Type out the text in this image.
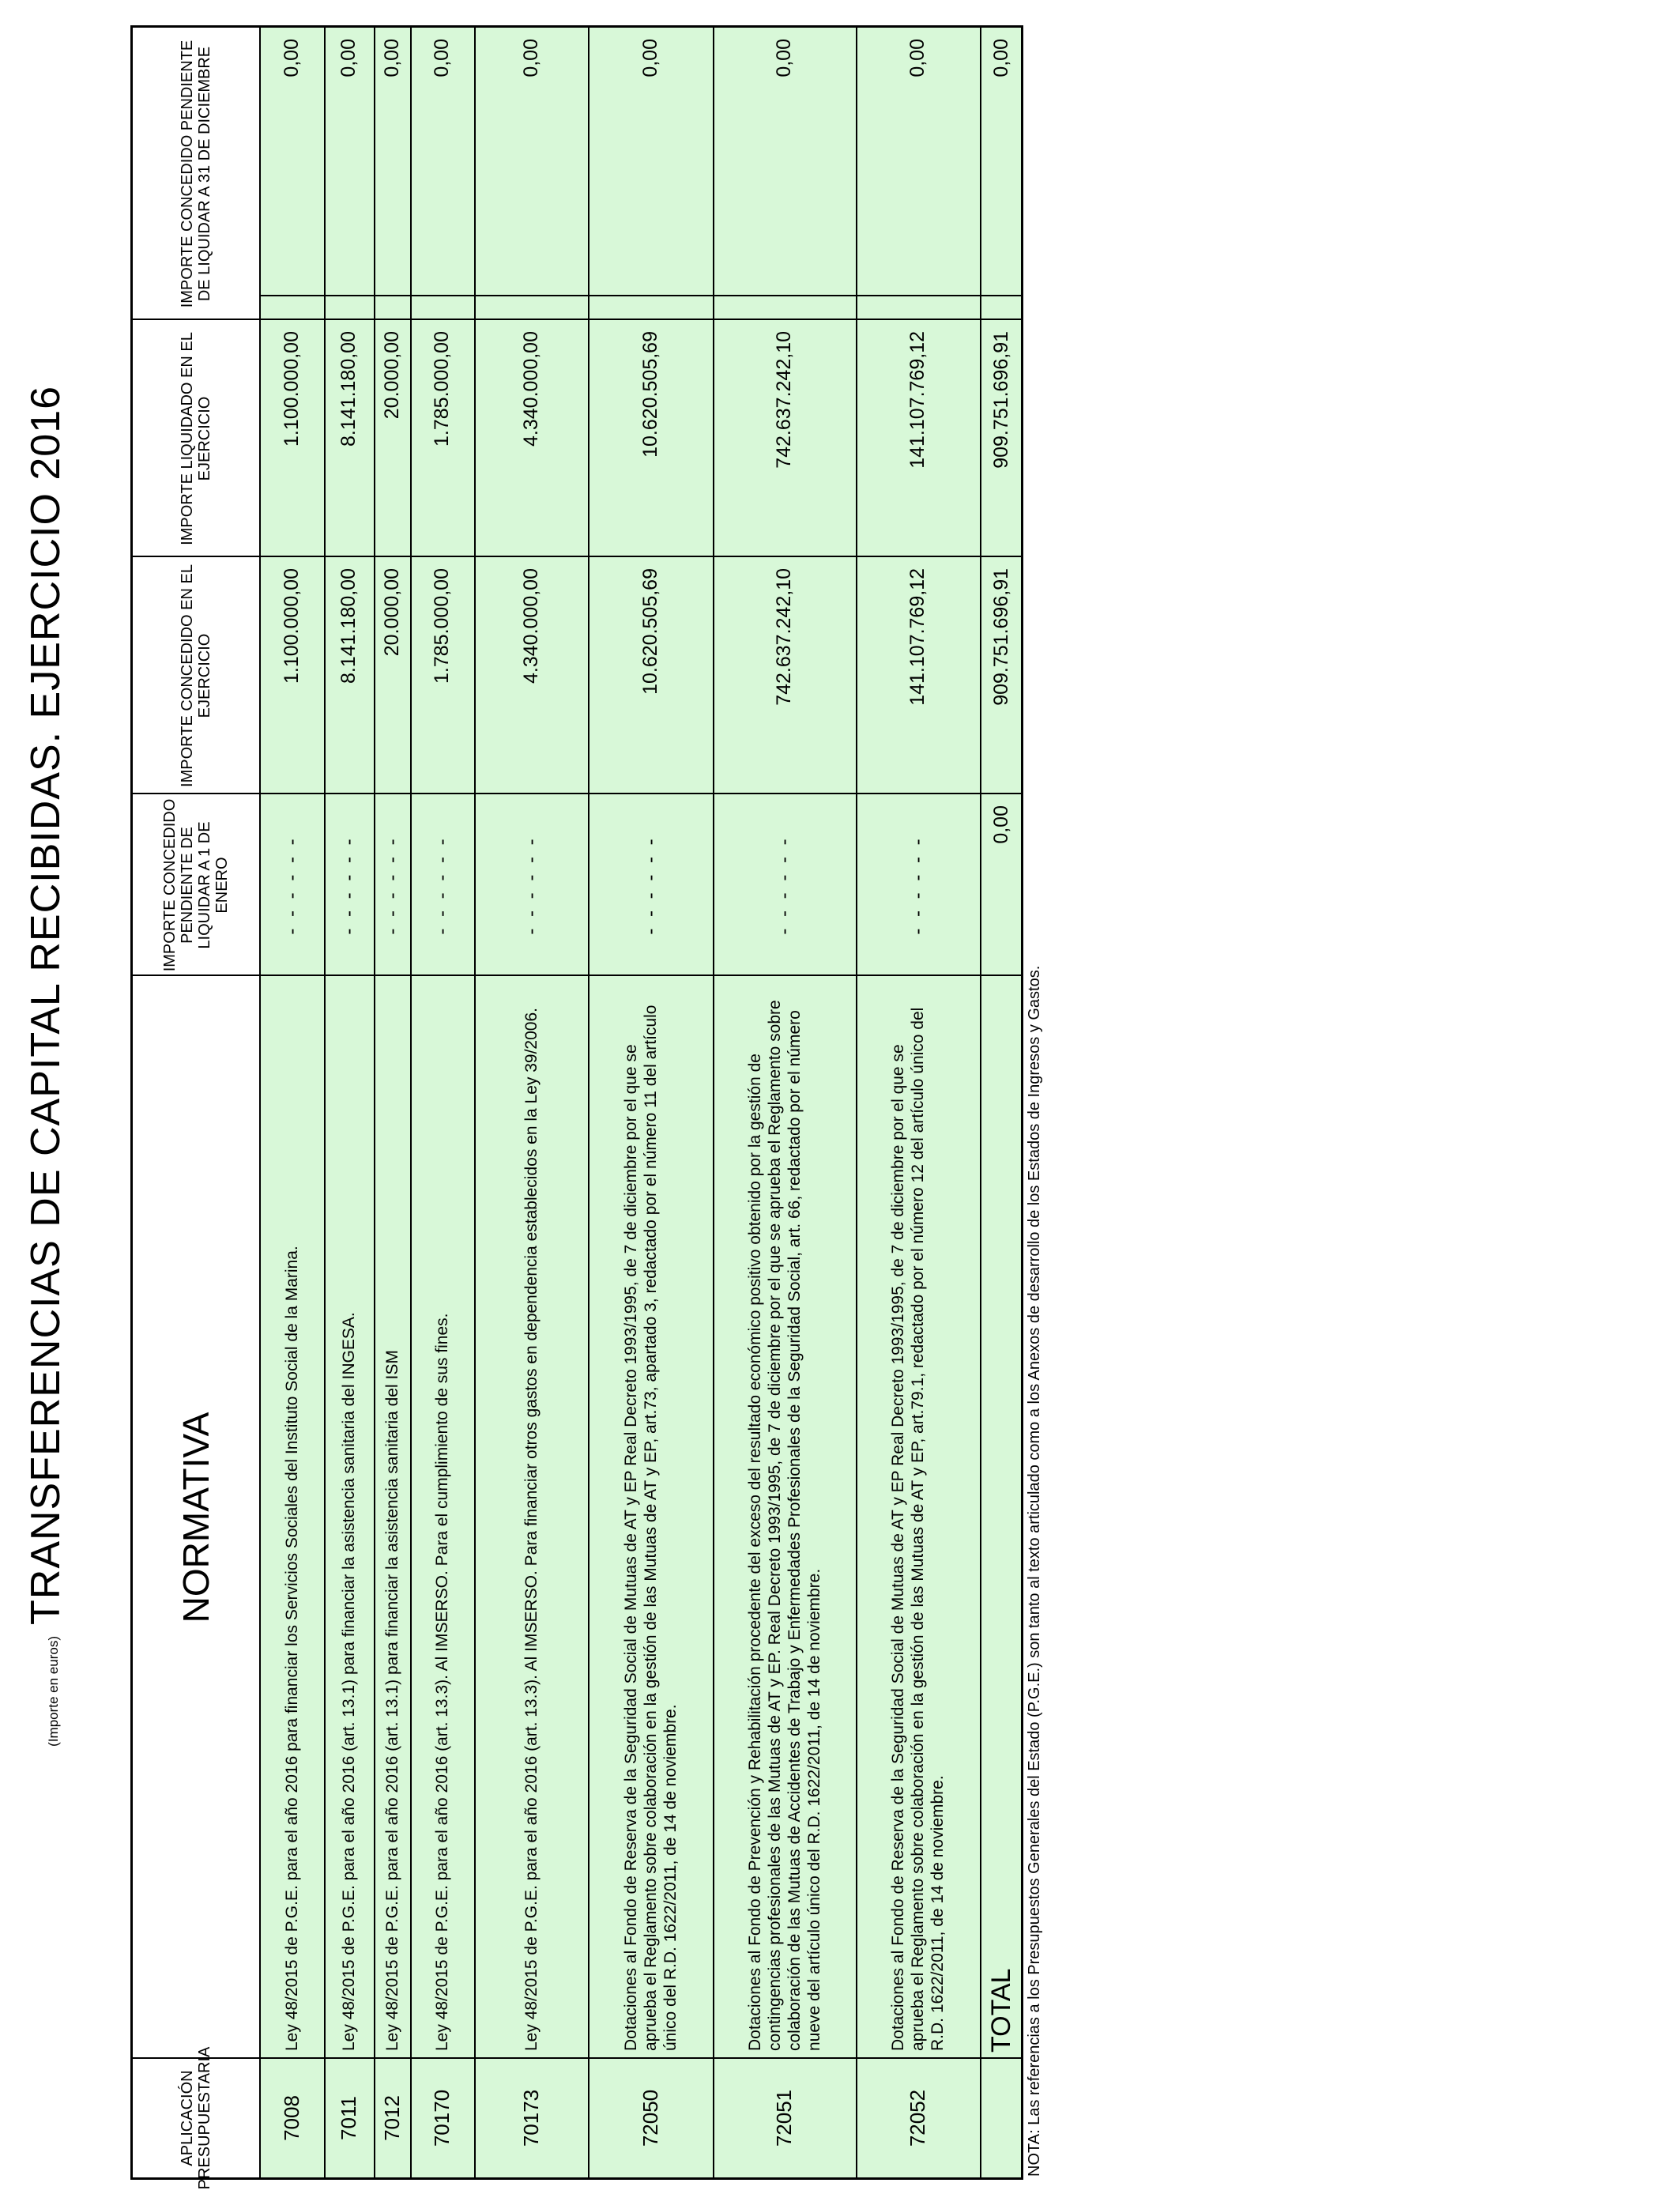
TRANSFERENCIAS DE CAPITAL RECIBIDAS. EJERCICIO 2016
(Importe en euros)
APLICACIÓN PRESUPUESTARIA
NORMATIVA
IMPORTE CONCEDIDO PENDIENTE DE LIQUIDAR A 1 DE ENERO
IMPORTE CONCEDIDO EN EL EJERCICIO
IMPORTE LIQUIDADO EN EL EJERCICIO
IMPORTE CONCEDIDO PENDIENTE DE LIQUIDAR A 31 DE DICIEMBRE
7008
Ley 48/2015 de P.G.E. para el año 2016 para financiar los Servicios Sociales del Instituto Social de la Marina.
- - - - - -
1.100.000,00
1.100.000,00
0,00
7011
Ley 48/2015 de P.G.E. para el año 2016 (art. 13.1) para financiar la asistencia sanitaria del INGESA.
- - - - - -
8.141.180,00
8.141.180,00
0,00
7012
Ley 48/2015 de P.G.E. para el año 2016 (art. 13.1) para financiar la asistencia sanitaria del ISM
- - - - - -
20.000,00
20.000,00
0,00
70170
Ley 48/2015 de P.G.E. para el año 2016 (art. 13.3). Al IMSERSO. Para el cumplimiento de sus fines.
- - - - - -
1.785.000,00
1.785.000,00
0,00
70173
Ley 48/2015 de P.G.E. para el año 2016 (art. 13.3). Al IMSERSO. Para financiar otros gastos en dependencia establecidos en la Ley 39/2006.
- - - - - -
4.340.000,00
4.340.000,00
0,00
72050
Dotaciones al Fondo de Reserva de la Seguridad Social de Mutuas de AT y EP Real Decreto 1993/1995, de 7 de diciembre por el que se aprueba el Reglamento sobre colaboración en la gestión de las Mutuas de AT y EP, art.73, apartado 3, redactado por el número 11 del artículo único del R.D. 1622/2011, de 14 de noviembre.
- - - - - -
10.620.505,69
10.620.505,69
0,00
72051
Dotaciones al Fondo de Prevención y Rehabilitación procedente del exceso del resultado económico positivo obtenido por la gestión de contingencias profesionales de las Mutuas de AT y EP. Real Decreto 1993/1995, de 7 de diciembre por el que se aprueba el Reglamento sobre colaboración de las Mutuas de Accidentes de Trabajo y Enfermedades Profesionales de la Seguridad Social, art. 66, redactado por el número nueve del artículo único del R.D. 1622/2011, de 14 de noviembre.
- - - - - -
742.637.242,10
742.637.242,10
0,00
72052
Dotaciones al Fondo de Reserva de la Seguridad Social de Mutuas de AT y EP Real Decreto 1993/1995, de 7 de diciembre por el que se aprueba el Reglamento sobre colaboración en la gestión de las Mutuas de AT y EP, art.79.1, redactado por el número 12 del artículo único del R.D. 1622/2011, de 14 de noviembre.
- - - - - -
141.107.769,12
141.107.769,12
0,00
TOTAL
0,00
909.751.696,91
909.751.696,91
0,00
NOTA: Las referencias a los Presupuestos Generales del Estado (P.G.E.) son tanto al texto articulado como a los Anexos de desarrollo de los Estados de Ingresos y Gastos.
